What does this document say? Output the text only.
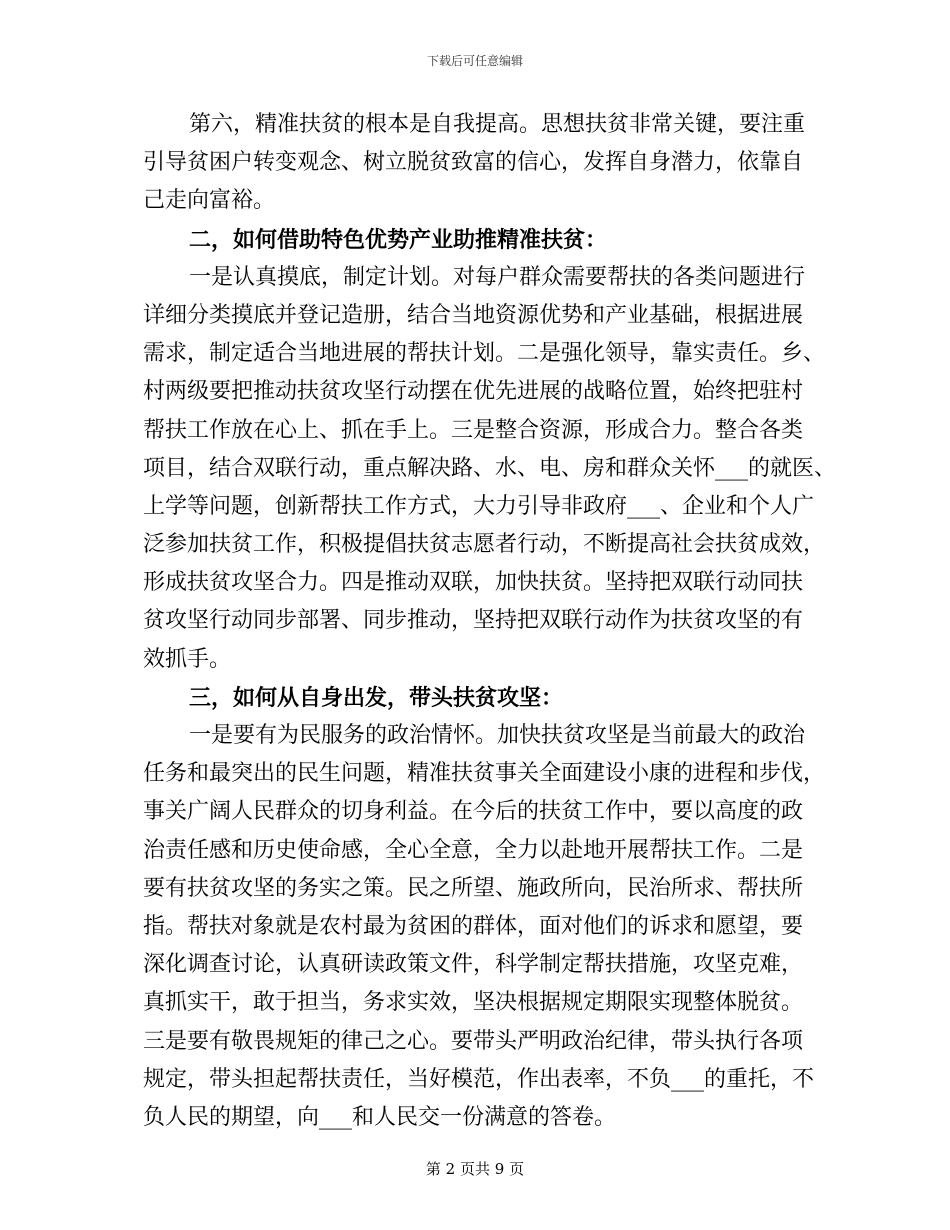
下载后可任意编辑
第六，精准扶贫的根本是自我提高。思想扶贫非常关键，要注重
引导贫困户转变观念、树立脱贫致富的信心，发挥自身潜力，依靠自
己走向富裕。
二，如何借助特色优势产业助推精准扶贫：
一是认真摸底，制定计划。对每户群众需要帮扶的各类问题进行
详细分类摸底并登记造册，结合当地资源优势和产业基础，根据进展
需求，制定适合当地进展的帮扶计划。二是强化领导，靠实责任。乡、
村两级要把推动扶贫攻坚行动摆在优先进展的战略位置，始终把驻村
帮扶工作放在心上、抓在手上。三是整合资源，形成合力。整合各类
项目，结合双联行动，重点解决路、水、电、房和群众关怀___的就医、
上学等问题，创新帮扶工作方式，大力引导非政府___、企业和个人广
泛参加扶贫工作，积极提倡扶贫志愿者行动，不断提高社会扶贫成效，
形成扶贫攻坚合力。四是推动双联，加快扶贫。坚持把双联行动同扶
贫攻坚行动同步部署、同步推动，坚持把双联行动作为扶贫攻坚的有
效抓手。
三，如何从自身出发，带头扶贫攻坚：
一是要有为民服务的政治情怀。加快扶贫攻坚是当前最大的政治
任务和最突出的民生问题，精准扶贫事关全面建设小康的进程和步伐，
事关广阔人民群众的切身利益。在今后的扶贫工作中，要以高度的政
治责任感和历史使命感，全心全意，全力以赴地开展帮扶工作。二是
要有扶贫攻坚的务实之策。民之所望、施政所向，民治所求、帮扶所
指。帮扶对象就是农村最为贫困的群体，面对他们的诉求和愿望，要
深化调查讨论，认真研读政策文件，科学制定帮扶措施，攻坚克难，
真抓实干，敢于担当，务求实效，坚决根据规定期限实现整体脱贫。
三是要有敬畏规矩的律己之心。要带头严明政治纪律，带头执行各项
规定，带头担起帮扶责任，当好模范，作出表率，不负___的重托，不
负人民的期望，向___和人民交一份满意的答卷。
第 2 页共 9 页
